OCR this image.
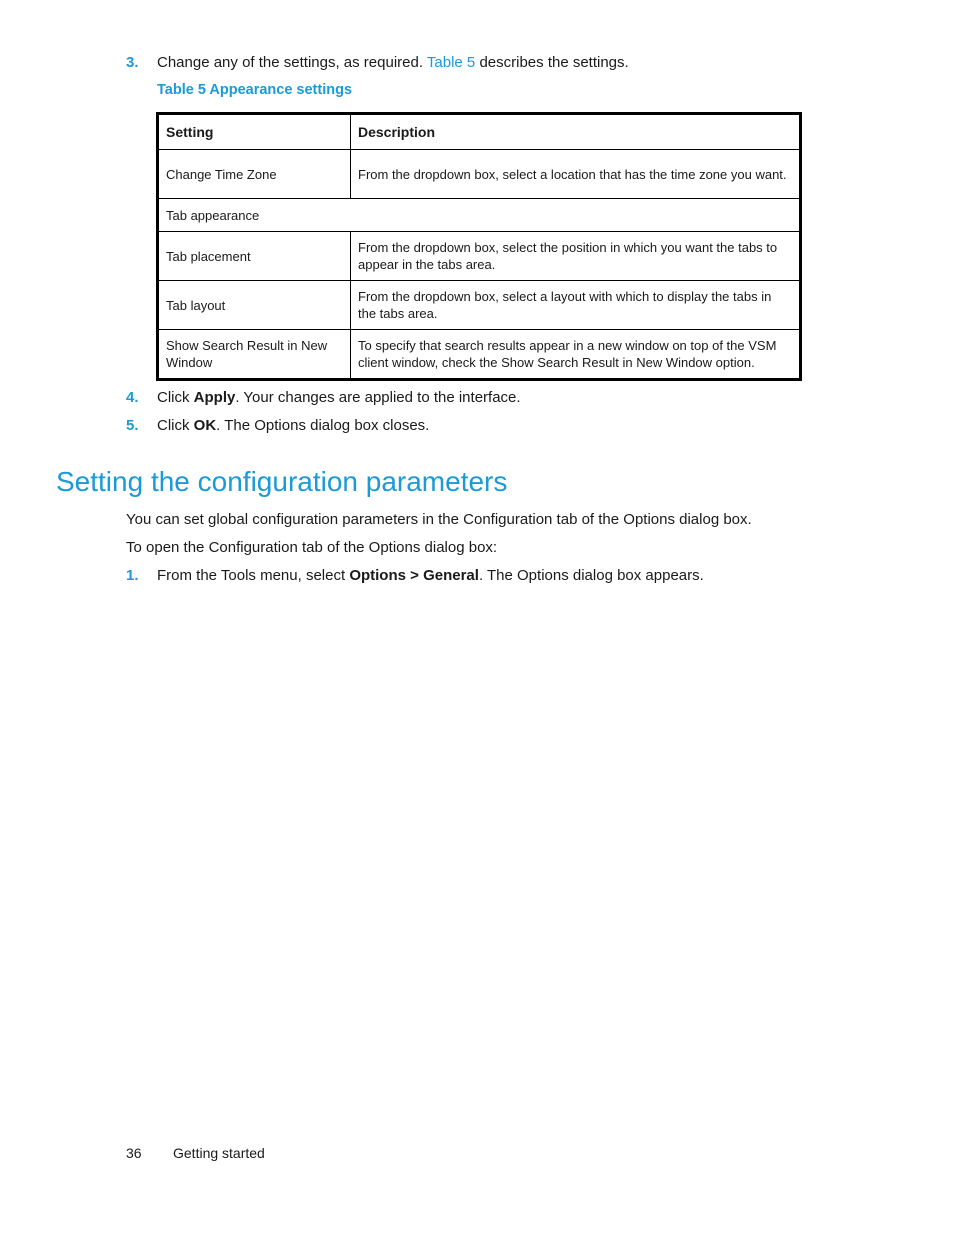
3. Change any of the settings, as required. Table 5 describes the settings.
Table 5 Appearance settings
Setting	Description
Change Time Zone	From the dropdown box, select a location that has the time zone you want.
Tab appearance	
Tab placement	From the dropdown box, select the position in which you want the tabs to appear in the tabs area.
Tab layout	From the dropdown box, select a layout with which to display the tabs in the tabs area.
Show Search Result in New Window	To specify that search results appear in a new window on top of the VSM client window, check the Show Search Result in New Window option.
4. Click Apply. Your changes are applied to the interface.
5. Click OK. The Options dialog box closes.
Setting the configuration parameters
You can set global configuration parameters in the Configuration tab of the Options dialog box.
To open the Configuration tab of the Options dialog box:
1. From the Tools menu, select Options > General. The Options dialog box appears.
36 Getting started
